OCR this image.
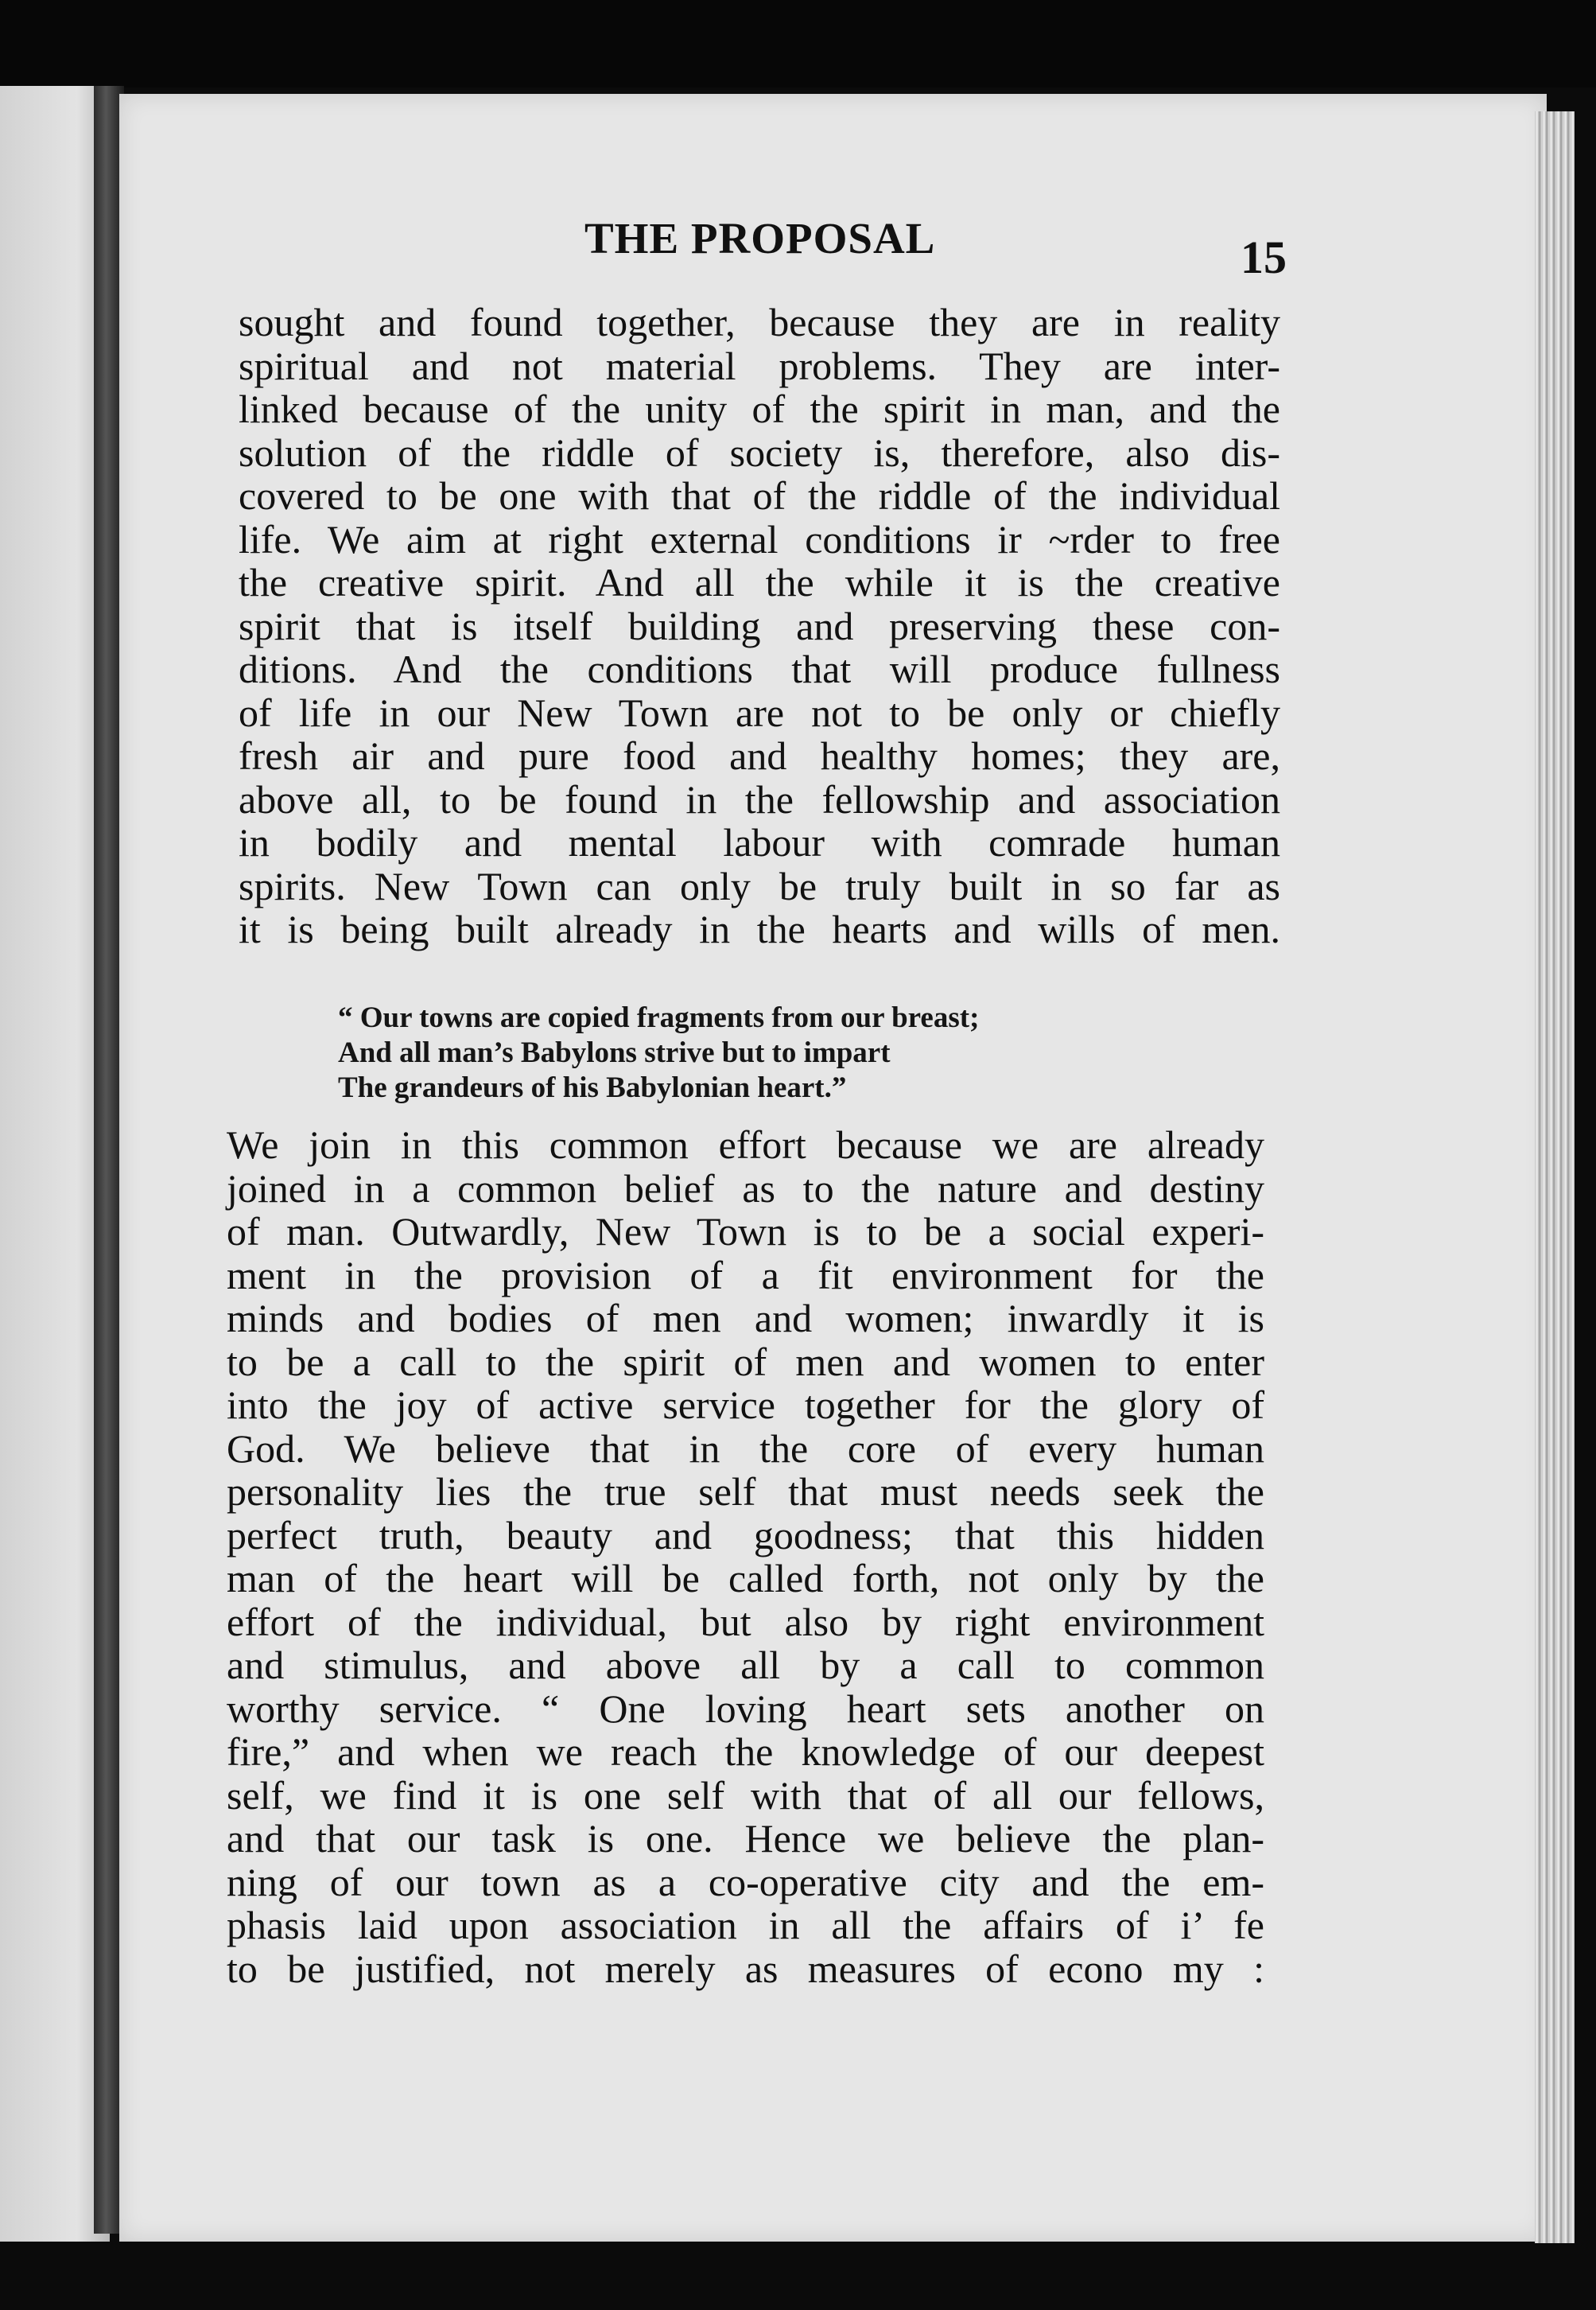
THE PROPOSAL	15
sought and found together, because they are in reality
spiritual and not material problems. They are inter-
linked because of the unity of the spirit in man, and the
solution of the riddle of society is, therefore, also dis-
covered to be one with that of the riddle of the individual
life. We aim at right external conditions ir ~rder to free
the creative spirit. And all the while it is the creative
spirit that is itself building and preserving these con-
ditions. And the conditions that will produce fullness
of life in our New Town are not to be only or chiefly
fresh air and pure food and healthy homes; they are,
above all, to be found in the fellowship and association
in bodily and mental labour with comrade human
spirits. New Town can only be truly built in so far as
it is being built already in the hearts and wills of men.
“ Our towns are copied fragments from our breast;
And all man’s Babylons strive but to impart
The grandeurs of his Babylonian heart.”
We join in this common effort because we are already
joined in a common belief as to the nature and destiny
of man. Outwardly, New Town is to be a social experi-
ment in the provision of a fit environment for the
minds and bodies of men and women; inwardly it is
to be a call to the spirit of men and women to enter
into the joy of active service together for the glory of
God. We believe that in the core of every human
personality lies the true self that must needs seek the
perfect truth, beauty and goodness; that this hidden
man of the heart will be called forth, not only by the
effort of the individual, but also by right environment
and stimulus, and above all by a call to common
worthy service. “ One loving heart sets another on
fire,” and when we reach the knowledge of our deepest
self, we find it is one self with that of all our fellows,
and that our task is one. Hence we believe the plan-
ning of our town as a co-operative city and the em-
phasis laid upon association in all the affairs of i’ fe
to be justified, not merely as measures of econo my :
